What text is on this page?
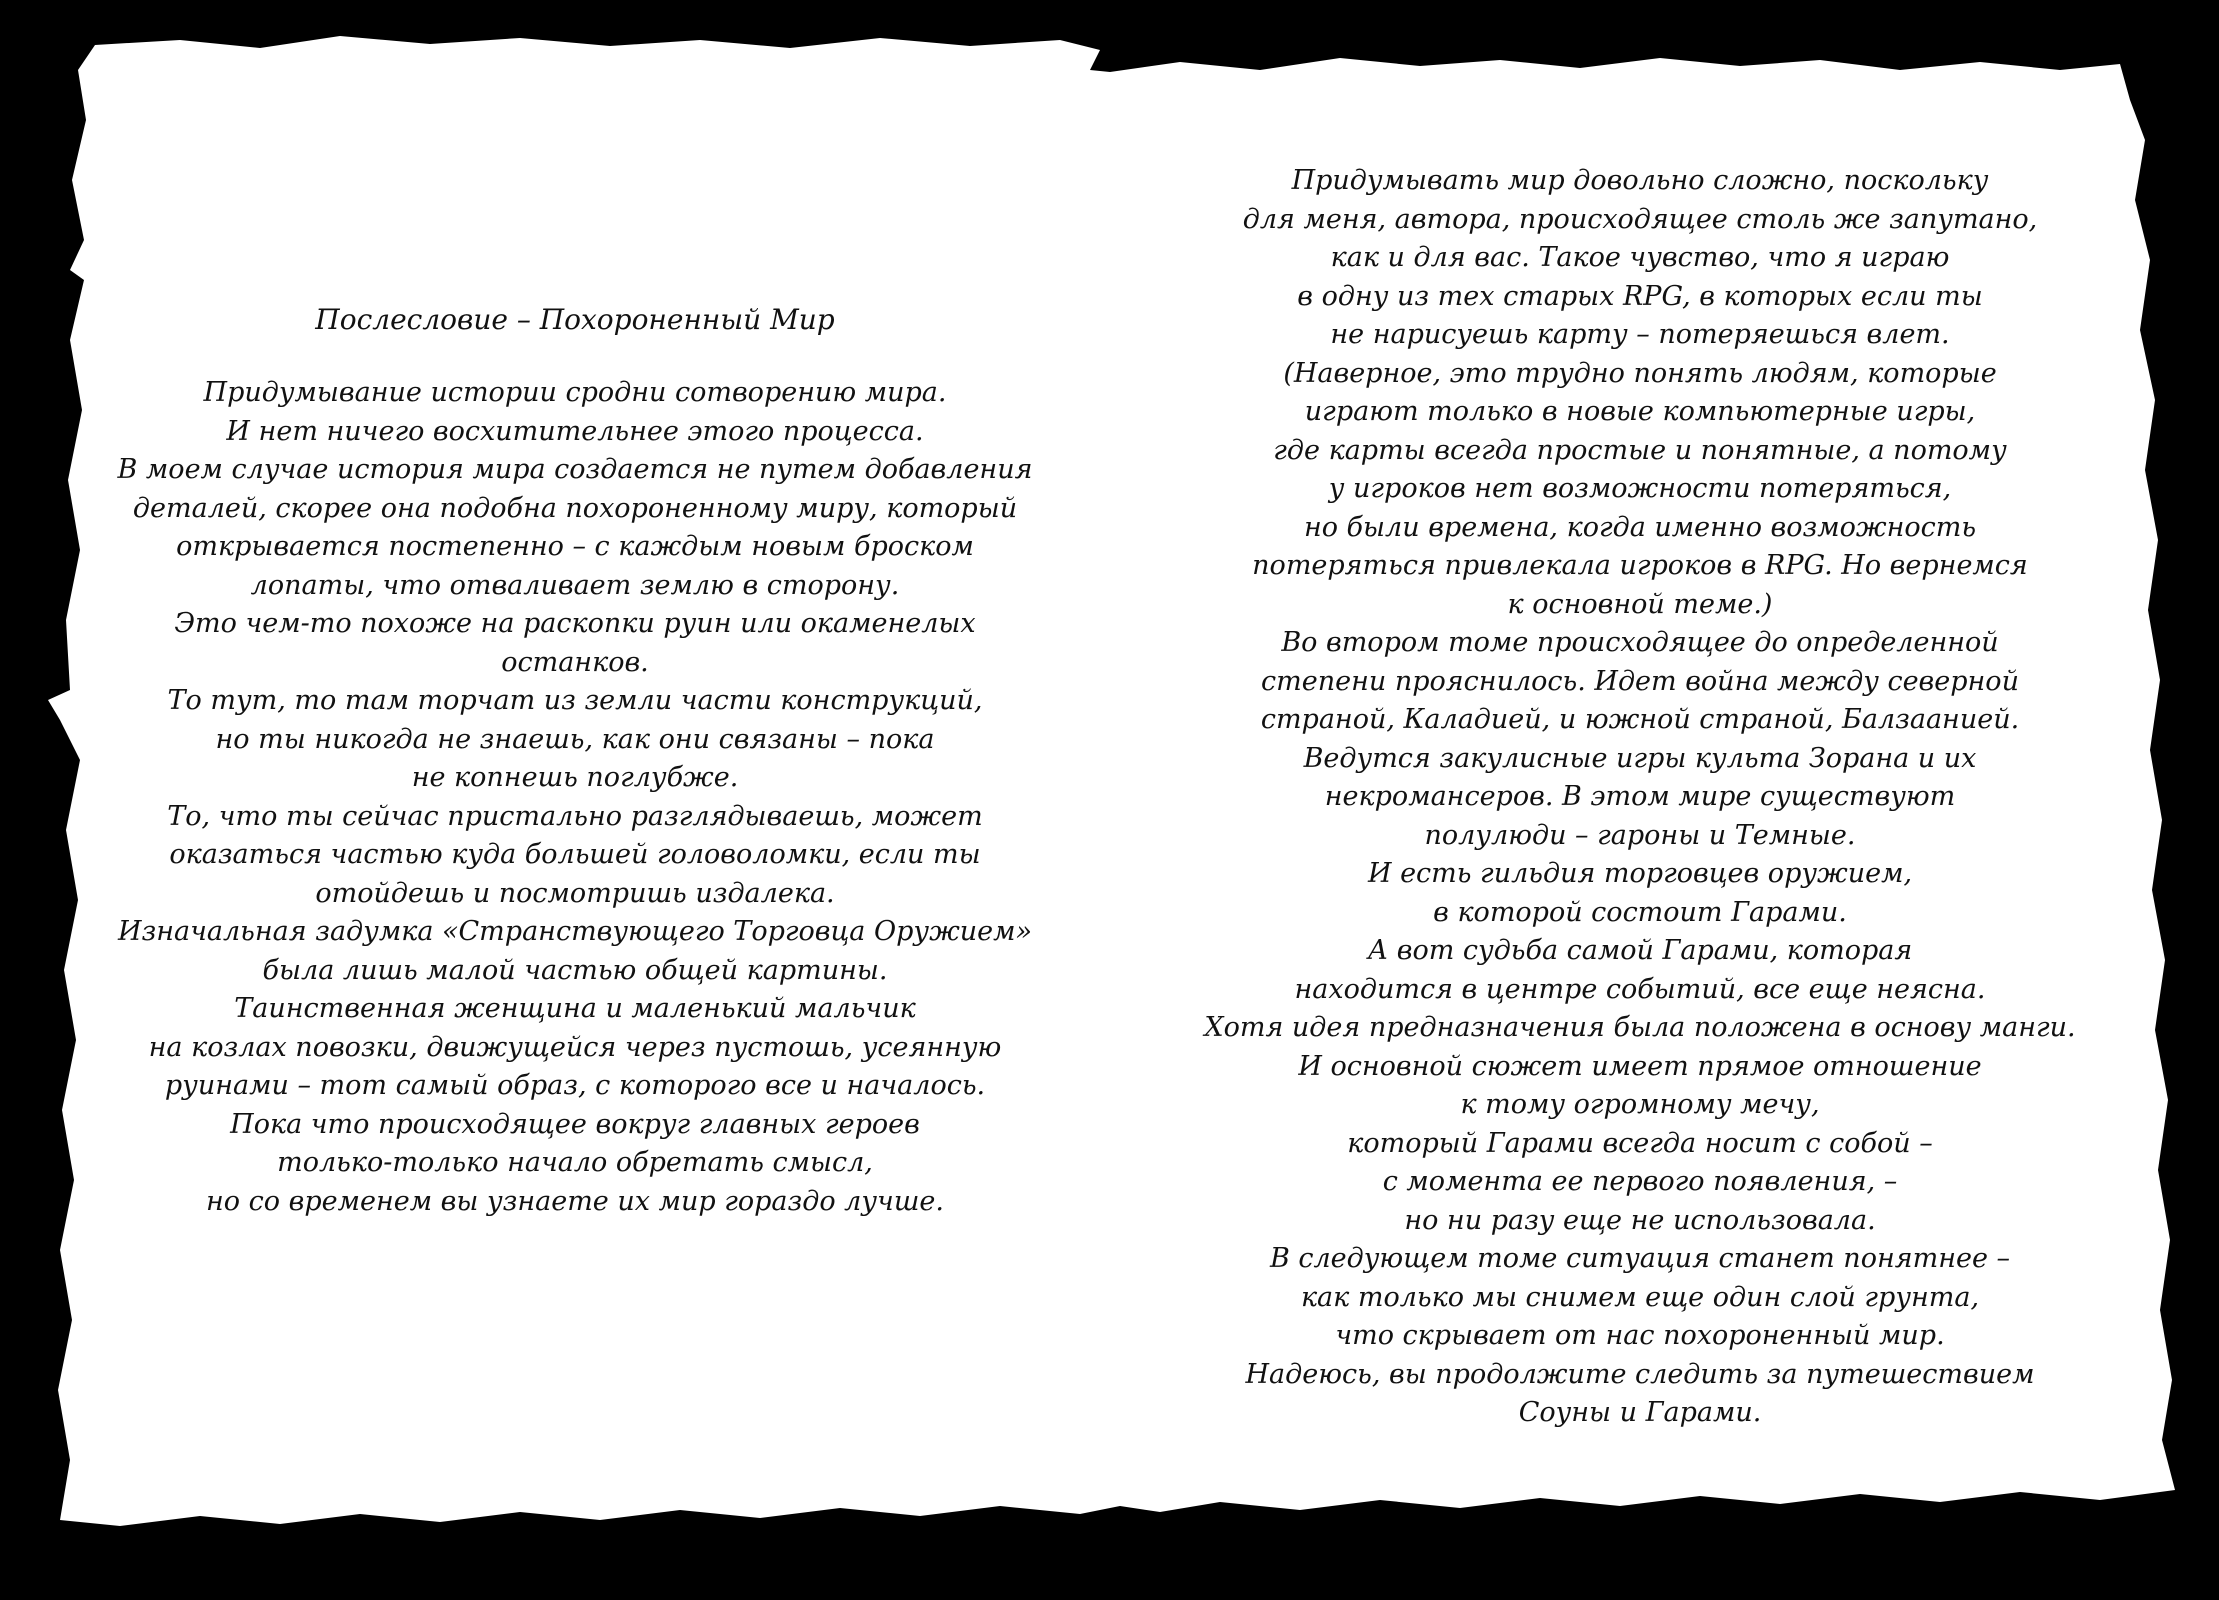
Послесловие – Похороненный Мир
Придумывание истории сродни сотворению мира.
И нет ничего восхитительнее этого процесса.
В моем случае история мира создается не путем добавления
деталей, скорее она подобна похороненному миру, который
открывается постепенно – с каждым новым броском
лопаты, что отваливает землю в сторону.
Это чем-то похоже на раскопки руин или окаменелых
останков.
То тут, то там торчат из земли части конструкций,
но ты никогда не знаешь, как они связаны – пока
не копнешь поглубже.
То, что ты сейчас пристально разглядываешь, может
оказаться частью куда большей головоломки, если ты
отойдешь и посмотришь издалека.
Изначальная задумка «Странствующего Торговца Оружием»
была лишь малой частью общей картины.
Таинственная женщина и маленький мальчик
на козлах повозки, движущейся через пустошь, усеянную
руинами – тот самый образ, с которого все и началось.
Пока что происходящее вокруг главных героев
только-только начало обретать смысл,
но со временем вы узнаете их мир гораздо лучше.
Придумывать мир довольно сложно, поскольку
для меня, автора, происходящее столь же запутано,
как и для вас. Такое чувство, что я играю
в одну из тех старых RPG, в которых если ты
не нарисуешь карту – потеряешься влет.
(Наверное, это трудно понять людям, которые
играют только в новые компьютерные игры,
где карты всегда простые и понятные, а потому
у игроков нет возможности потеряться,
но были времена, когда именно возможность
потеряться привлекала игроков в RPG. Но вернемся
к основной теме.)
Во втором томе происходящее до определенной
степени прояснилось. Идет война между северной
страной, Каладией, и южной страной, Балзаанией.
Ведутся закулисные игры культа Зорана и их
некромансеров. В этом мире существуют
полулюди – гароны и Темные.
И есть гильдия торговцев оружием,
в которой состоит Гарами.
А вот судьба самой Гарами, которая
находится в центре событий, все еще неясна.
Хотя идея предназначения была положена в основу манги.
И основной сюжет имеет прямое отношение
к тому огромному мечу,
который Гарами всегда носит с собой –
с момента ее первого появления, –
но ни разу еще не использовала.
В следующем томе ситуация станет понятнее –
как только мы снимем еще один слой грунта,
что скрывает от нас похороненный мир.
Надеюсь, вы продолжите следить за путешествием
Соуны и Гарами.
